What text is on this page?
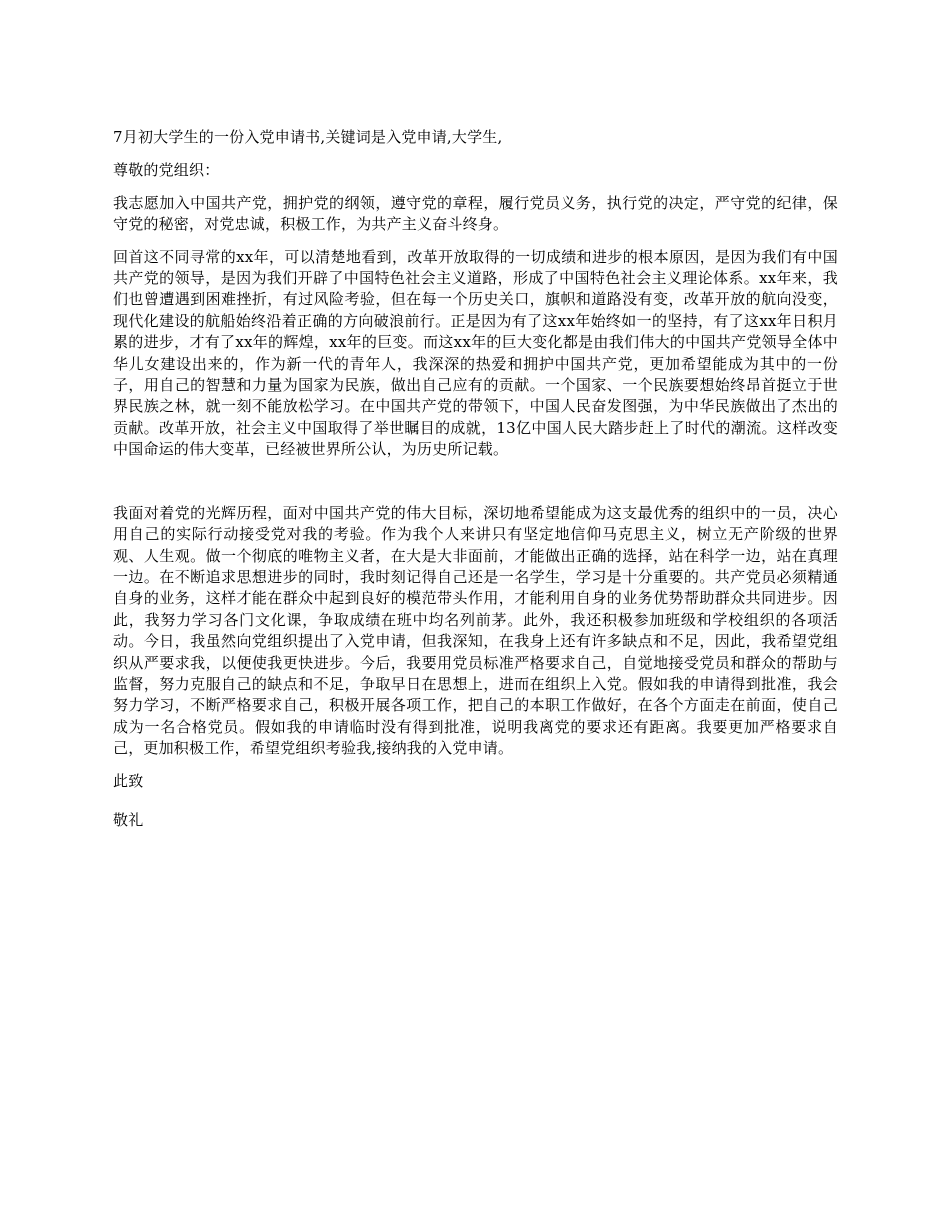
7月初大学生的一份入党申请书,关键词是入党申请,大学生,

尊敬的党组织：

我志愿加入中国共产党，拥护党的纲领，遵守党的章程，履行党员义务，执行党的决定，严守党的纪律，保守党的秘密，对党忠诚，积极工作，为共产主义奋斗终身。

回首这不同寻常的xx年，可以清楚地看到，改革开放取得的一切成绩和进步的根本原因，是因为我们有中国共产党的领导，是因为我们开辟了中国特色社会主义道路，形成了中国特色社会主义理论体系。xx年来，我们也曾遭遇到困难挫折，有过风险考验，但在每一个历史关口，旗帜和道路没有变，改革开放的航向没变，现代化建设的航船始终沿着正确的方向破浪前行。正是因为有了这xx年始终如一的坚持，有了这xx年日积月累的进步，才有了xx年的辉煌，xx年的巨变。而这xx年的巨大变化都是由我们伟大的中国共产党领导全体中华儿女建设出来的，作为新一代的青年人，我深深的热爱和拥护中国共产党，更加希望能成为其中的一份子，用自己的智慧和力量为国家为民族，做出自己应有的贡献。一个国家、一个民族要想始终昂首挺立于世界民族之林，就一刻不能放松学习。在中国共产党的带领下，中国人民奋发图强，为中华民族做出了杰出的贡献。改革开放，社会主义中国取得了举世瞩目的成就，13亿中国人民大踏步赶上了时代的潮流。这样改变中国命运的伟大变革，已经被世界所公认，为历史所记载。

我面对着党的光辉历程，面对中国共产党的伟大目标，深切地希望能成为这支最优秀的组织中的一员，决心用自己的实际行动接受党对我的考验。作为我个人来讲只有坚定地信仰马克思主义，树立无产阶级的世界观、人生观。做一个彻底的唯物主义者，在大是大非面前，才能做出正确的选择，站在科学一边，站在真理一边。在不断追求思想进步的同时，我时刻记得自己还是一名学生，学习是十分重要的。共产党员必须精通自身的业务，这样才能在群众中起到良好的模范带头作用，才能利用自身的业务优势帮助群众共同进步。因此，我努力学习各门文化课，争取成绩在班中均名列前茅。此外，我还积极参加班级和学校组织的各项活动。今日，我虽然向党组织提出了入党申请，但我深知，在我身上还有许多缺点和不足，因此，我希望党组织从严要求我，以便使我更快进步。今后，我要用党员标准严格要求自己，自觉地接受党员和群众的帮助与监督，努力克服自己的缺点和不足，争取早日在思想上，进而在组织上入党。假如我的申请得到批准，我会努力学习，不断严格要求自己，积极开展各项工作，把自己的本职工作做好，在各个方面走在前面，使自己成为一名合格党员。假如我的申请临时没有得到批准，说明我离党的要求还有距离。我要更加严格要求自己，更加积极工作，希望党组织考验我,接纳我的入党申请。

此致

敬礼
